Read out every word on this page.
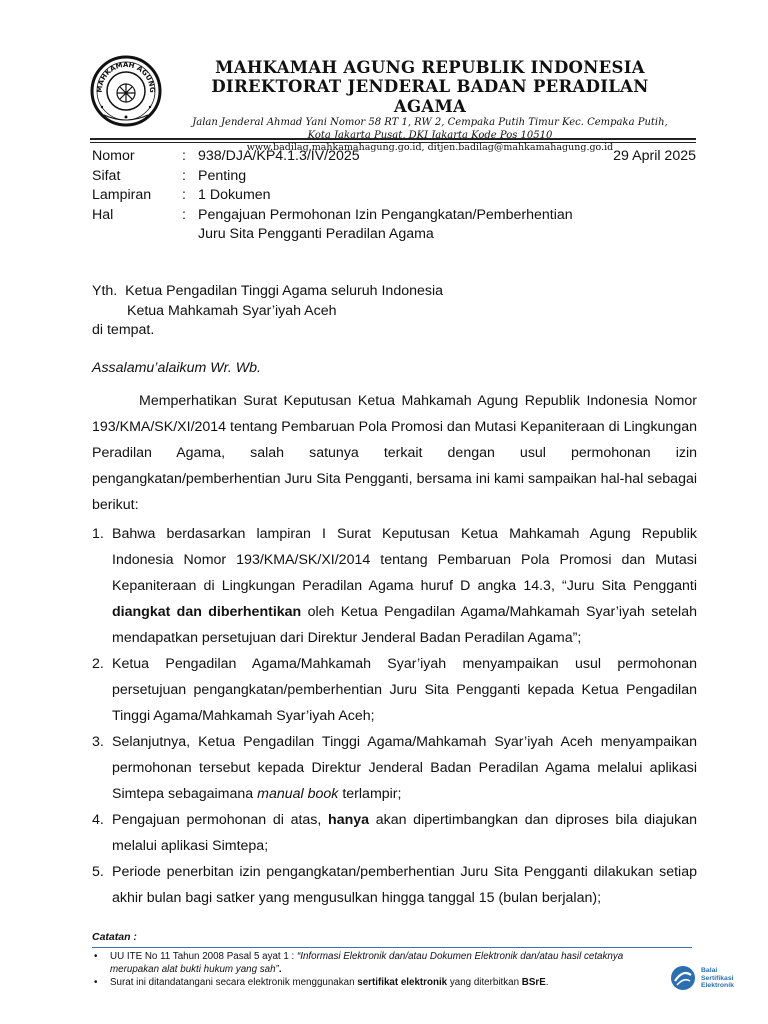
MAHKAMAH AGUNG
MAHKAMAH AGUNG REPUBLIK INDONESIA
DIREKTORAT JENDERAL BADAN PERADILAN AGAMA
Jalan Jenderal Ahmad Yani Nomor 58 RT 1, RW 2, Cempaka Putih Timur Kec. Cempaka Putih,
Kota Jakarta Pusat, DKI Jakarta Kode Pos 10510
www.badilag.mahkamahagung.go.id, ditjen.badilag@mahkamahagung.go.id
29 April 2025
Nomor	: 938/DJA/KP4.1.3/IV/2025
Sifat	: Penting
Lampiran	: 1 Dokumen
Hal	: Pengajuan Permohonan Izin Pengangkatan/Pemberhentian
Juru Sita Pengganti Peradilan Agama
Yth. Ketua Pengadilan Tinggi Agama seluruh Indonesia
Ketua Mahkamah Syar’iyah Aceh
di tempat.
Assalamu’alaikum Wr. Wb.

Memperhatikan Surat Keputusan Ketua Mahkamah Agung Republik Indonesia Nomor 193/KMA/SK/XI/2014 tentang Pembaruan Pola Promosi dan Mutasi Kepaniteraan di Lingkungan Peradilan Agama, salah satunya terkait dengan usul permohonan izin pengangkatan/pemberhentian Juru Sita Pengganti, bersama ini kami sampaikan hal-hal sebagai berikut:

1. Bahwa berdasarkan lampiran I Surat Keputusan Ketua Mahkamah Agung Republik Indonesia Nomor 193/KMA/SK/XI/2014 tentang Pembaruan Pola Promosi dan Mutasi Kepaniteraan di Lingkungan Peradilan Agama huruf D angka 14.3, “Juru Sita Pengganti diangkat dan diberhentikan oleh Ketua Pengadilan Agama/Mahkamah Syar’iyah setelah mendapatkan persetujuan dari Direktur Jenderal Badan Peradilan Agama”;
2. Ketua Pengadilan Agama/Mahkamah Syar’iyah menyampaikan usul permohonan persetujuan pengangkatan/pemberhentian Juru Sita Pengganti kepada Ketua Pengadilan Tinggi Agama/Mahkamah Syar’iyah Aceh;
3. Selanjutnya, Ketua Pengadilan Tinggi Agama/Mahkamah Syar’iyah Aceh menyampaikan permohonan tersebut kepada Direktur Jenderal Badan Peradilan Agama melalui aplikasi Simtepa sebagaimana manual book terlampir;
4. Pengajuan permohonan di atas, hanya akan dipertimbangkan dan diproses bila diajukan melalui aplikasi Simtepa;
5. Periode penerbitan izin pengangkatan/pemberhentian Juru Sita Pengganti dilakukan setiap akhir bulan bagi satker yang mengusulkan hingga tanggal 15 (bulan berjalan);
Catatan :
• UU ITE No 11 Tahun 2008 Pasal 5 ayat 1 : “Informasi Elektronik dan/atau Dokumen Elektronik dan/atau hasil cetaknya merupakan alat bukti hukum yang sah”.
• Surat ini ditandatangani secara elektronik menggunakan sertifikat elektronik yang diterbitkan BSrE.
Balai
Sertifikasi
Elektronik
